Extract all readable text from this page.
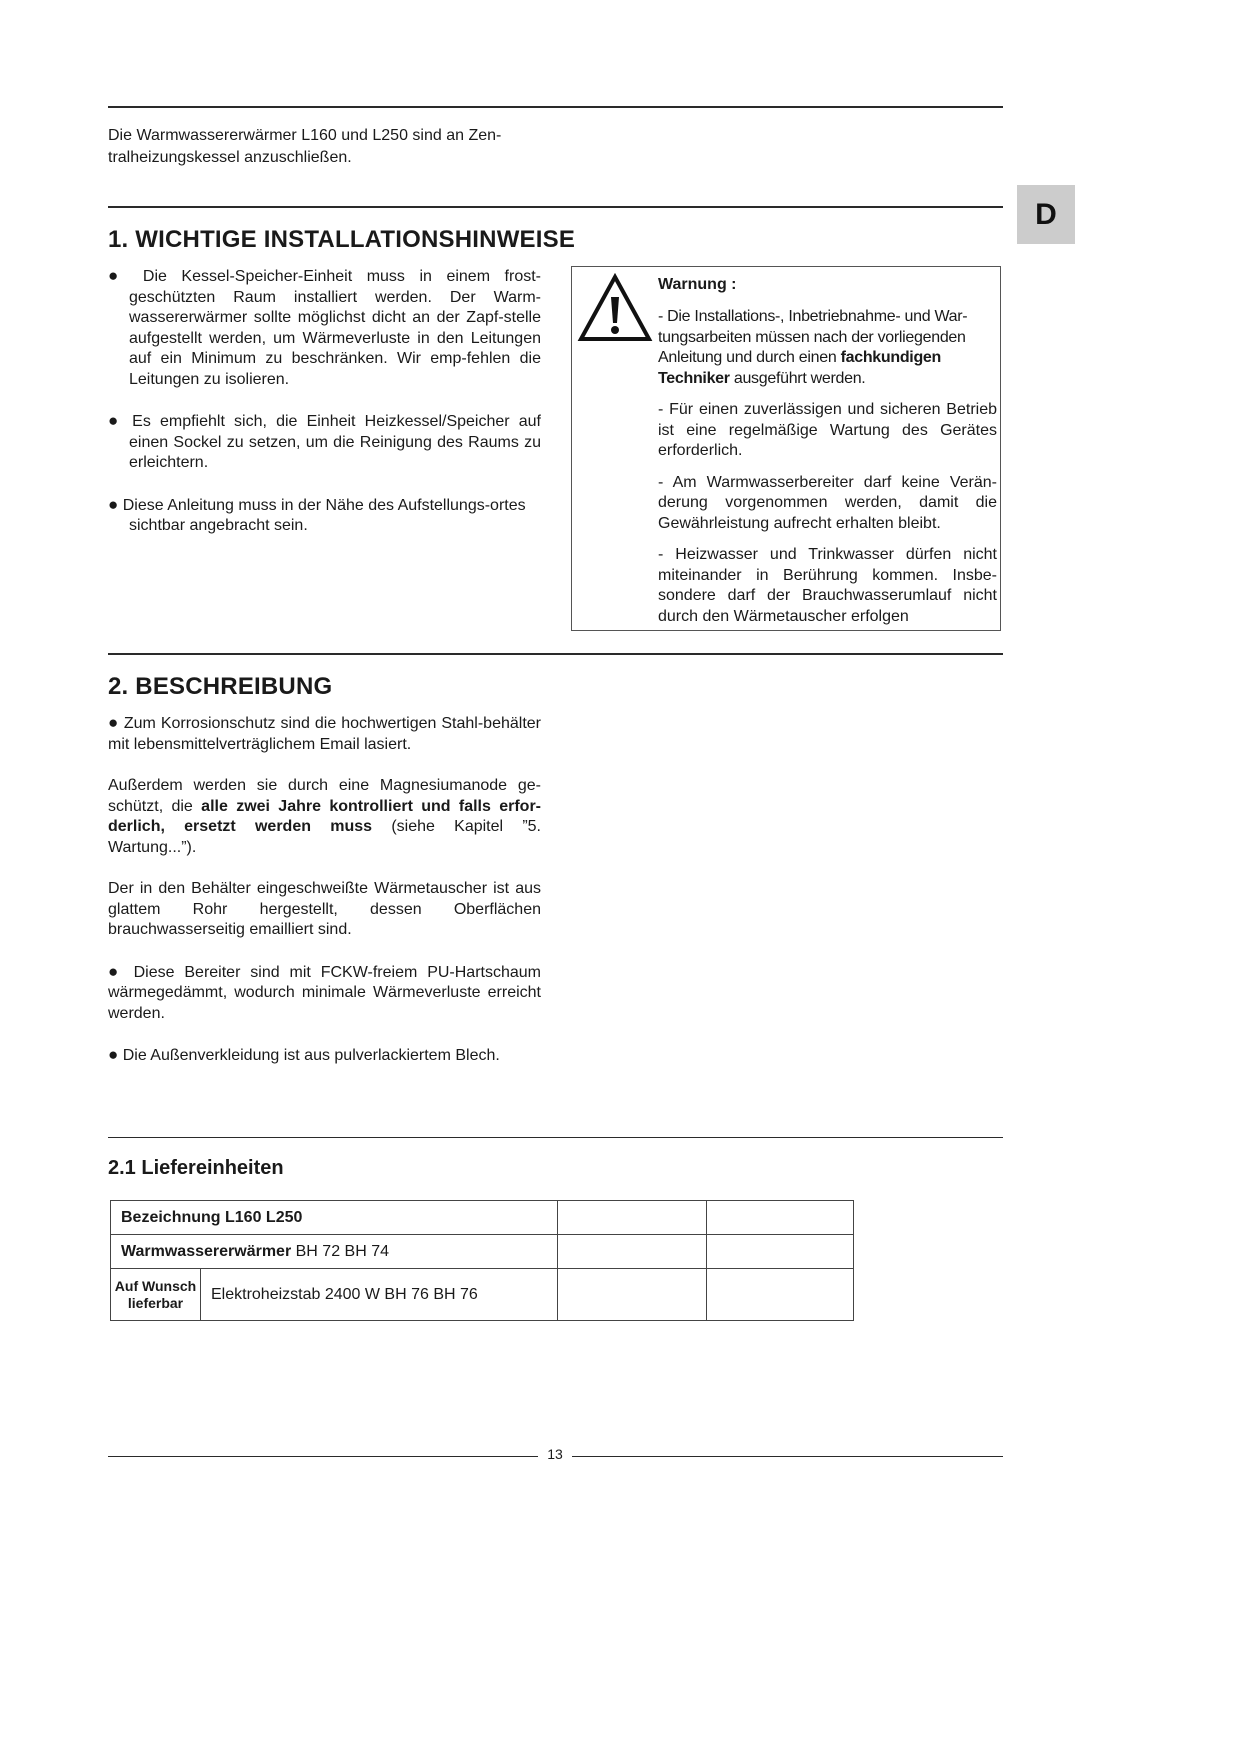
D
Die Warmwassererwärmer L160 und L250 sind an Zen-
tralheizungskessel anzuschließen.
1. WICHTIGE INSTALLATIONSHINWEISE

● Die Kessel-Speicher-Einheit muss in einem frost-geschützten Raum installiert werden. Der Warm-wassererwärmer sollte möglichst dicht an der Zapf-stelle aufgestellt werden, um Wärmeverluste in den Leitungen auf ein Minimum zu beschränken. Wir emp-fehlen die Leitungen zu isolieren.

● Es empfiehlt sich, die Einheit Heizkessel/Speicher auf einen Sockel zu setzen, um die Reinigung des Raums zu erleichtern.

● Diese Anleitung muss in der Nähe des Aufstellungs-ortes sichtbar angebracht sein.

Warnung :

- Die Installations-, Inbetriebnahme- und War-tungsarbeiten müssen nach der vorliegenden Anleitung und durch einen fachkundigen Techniker ausgeführt werden.

- Für einen zuverlässigen und sicheren Betrieb ist eine regelmäßige Wartung des Gerätes erforderlich.

- Am Warmwasserbereiter darf keine Verän-derung vorgenommen werden, damit die Gewährleistung aufrecht erhalten bleibt.

- Heizwasser und Trinkwasser dürfen nicht miteinander in Berührung kommen. Insbe-sondere darf der Brauchwasserumlauf nicht durch den Wärmetauscher erfolgen

2. BESCHREIBUNG

● Zum Korrosionschutz sind die hochwertigen Stahl-behälter mit lebensmittelverträglichem Email lasiert.

Außerdem werden sie durch eine Magnesiumanode ge-schützt, die alle zwei Jahre kontrolliert und falls erfor-derlich, ersetzt werden muss (siehe Kapitel ”5. Wartung...”).

Der in den Behälter eingeschweißte Wärmetauscher ist aus glattem Rohr hergestellt, dessen Oberflächen brauchwasserseitig emailliert sind.

● Diese Bereiter sind mit FCKW-freiem PU-Hartschaum wärmegedämmt, wodurch minimale Wärmeverluste erreicht werden.

● Die Außenverkleidung ist aus pulverlackiertem Blech.

2.1 Liefereinheiten
Bezeichnung L160 L250			
Warmwassererwärmer BH 72 BH 74			

Auf Wunsch
lieferbar	Elektroheizstab 2400 W BH 76 BH 76		
13
